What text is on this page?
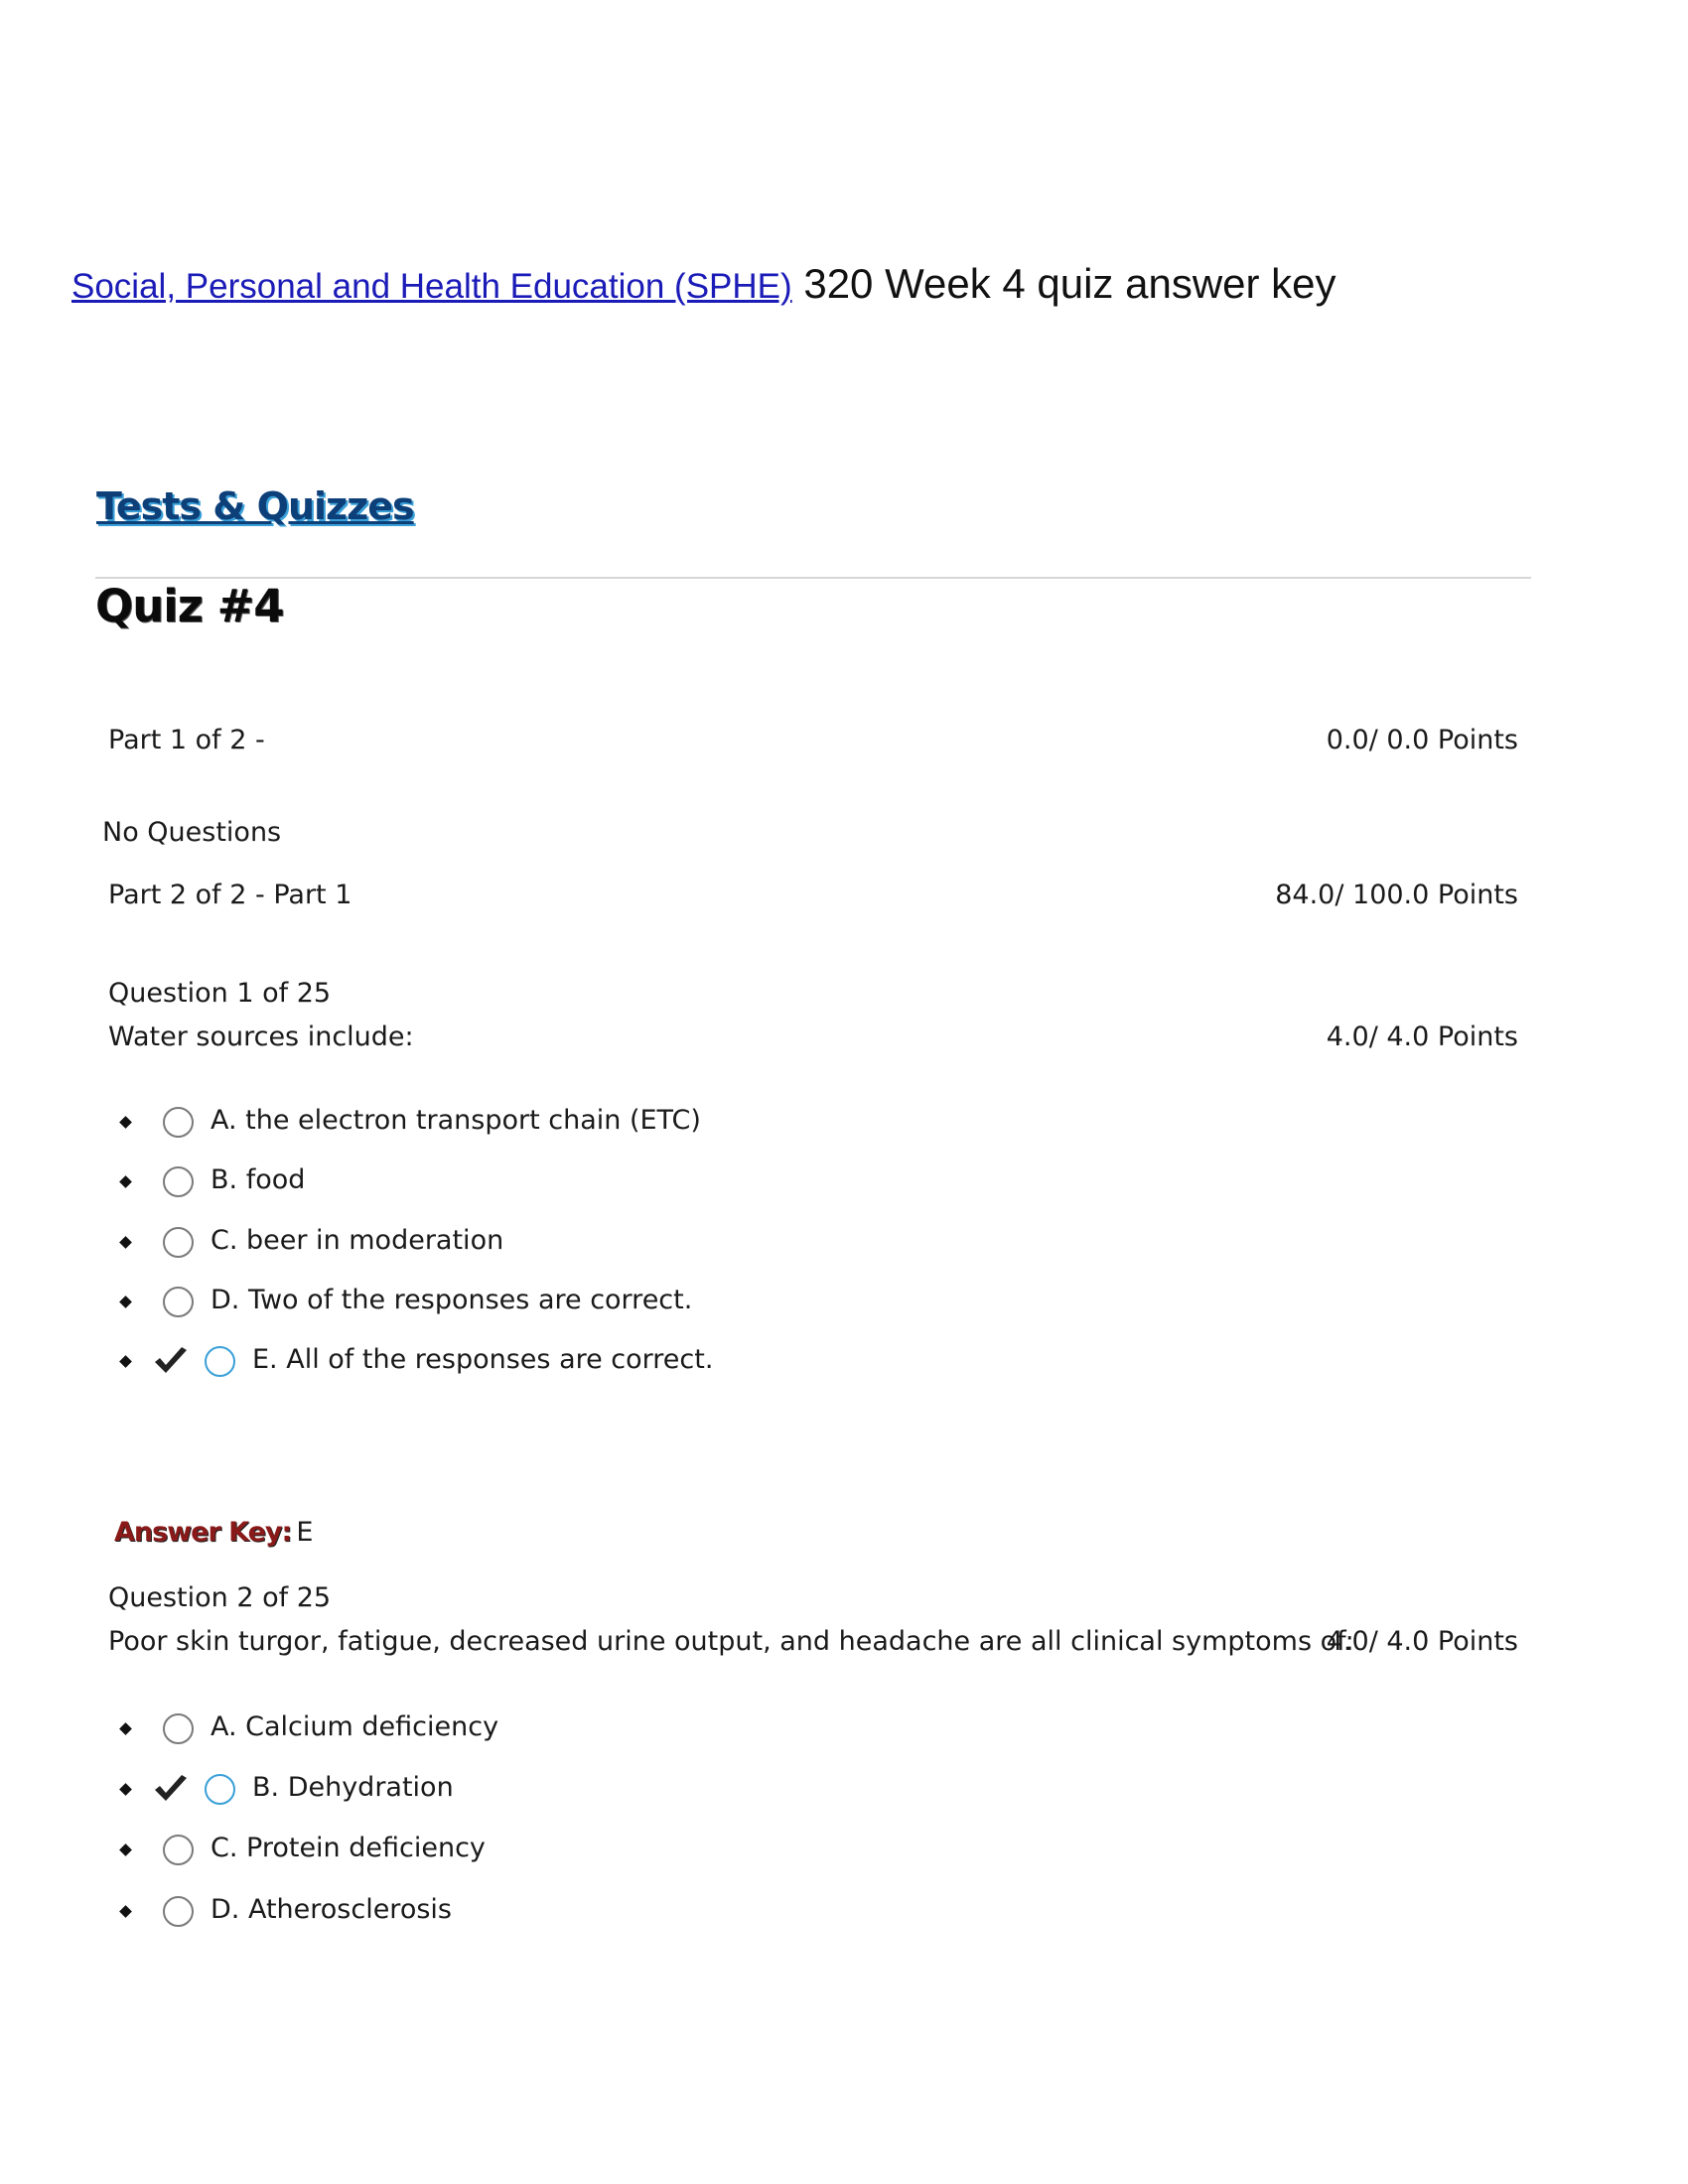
Social, Personal and Health Education (SPHE) 320 Week 4 quiz answer key
Tests & Quizzes
Quiz #4
Part 1 of 2 -	0.0/ 0.0 Points
No Questions
Part 2 of 2 - Part 1	84.0/ 100.0 Points
Question 1 of 25
Water sources include:	4.0/ 4.0 Points
A. the electron transport chain (ETC)
B. food
C. beer in moderation
D. Two of the responses are correct.
E. All of the responses are correct.
Answer Key: E
Question 2 of 25
Poor skin turgor, fatigue, decreased urine output, and headache are all clinical symptoms of:
4.0/ 4.0 Points
A. Calcium deficiency
B. Dehydration
C. Protein deficiency
D. Atherosclerosis
